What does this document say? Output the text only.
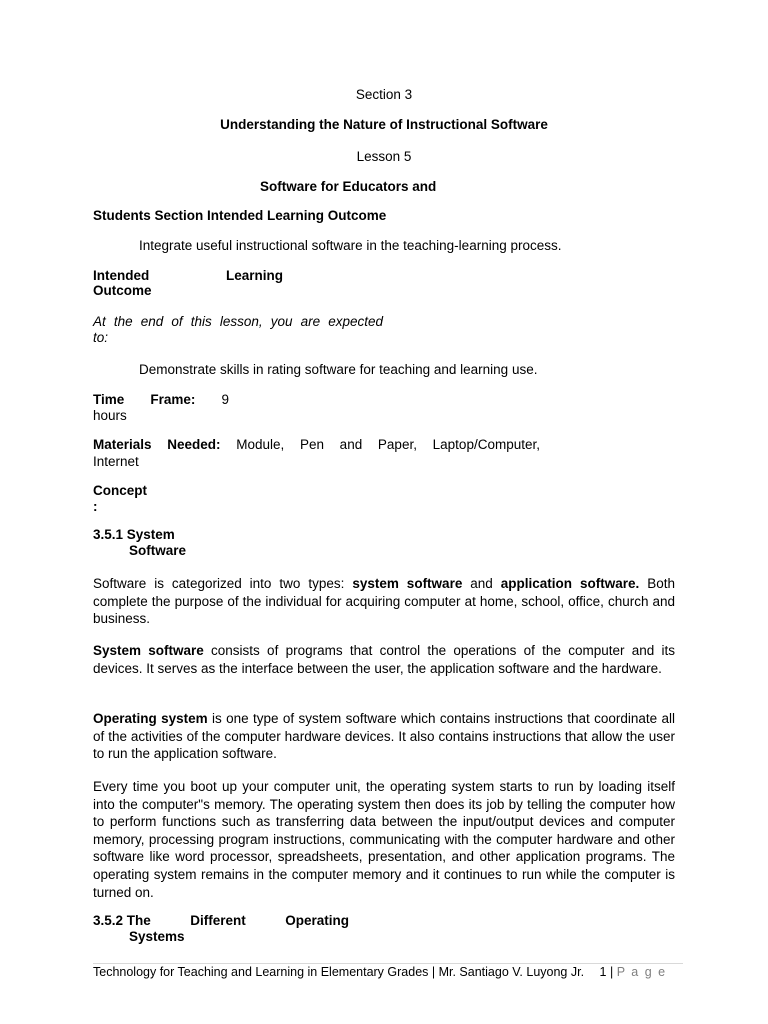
Section 3
Understanding the Nature of Instructional Software
Lesson 5
Software for Educators and
Students Section Intended Learning Outcome
Integrate useful instructional software in the teaching-learning process.
Intended	Learning
Outcome
At the end of this lesson, you are expected
to:
Demonstrate skills in rating software for teaching and learning use.
Time Frame: 9
hours
Materials Needed: Module, Pen and Paper, Laptop/Computer,
Internet
Concept
:
3.5.1 System
Software
Software is categorized into two types: system software and application software. Both complete the purpose of the individual for acquiring computer at home, school, office, church and business.
System software consists of programs that control the operations of the computer and its devices. It serves as the interface between the user, the application software and the hardware.
Operating system is one type of system software which contains instructions that coordinate all of the activities of the computer hardware devices. It also contains instructions that allow the user to run the application software.
Every time you boot up your computer unit, the operating system starts to run by loading itself into the computer"s memory. The operating system then does its job by telling the computer how to perform functions such as transferring data between the input/output devices and computer memory, processing program instructions, communicating with the computer hardware and other software like word processor, spreadsheets, presentation, and other application programs. The operating system remains in the computer memory and it continues to run while the computer is turned on.
3.5.2 The	Different	Operating
Systems
Technology for Teaching and Learning in Elementary Grades | Mr. Santiago V. Luyong Jr. 1 | P a g e
